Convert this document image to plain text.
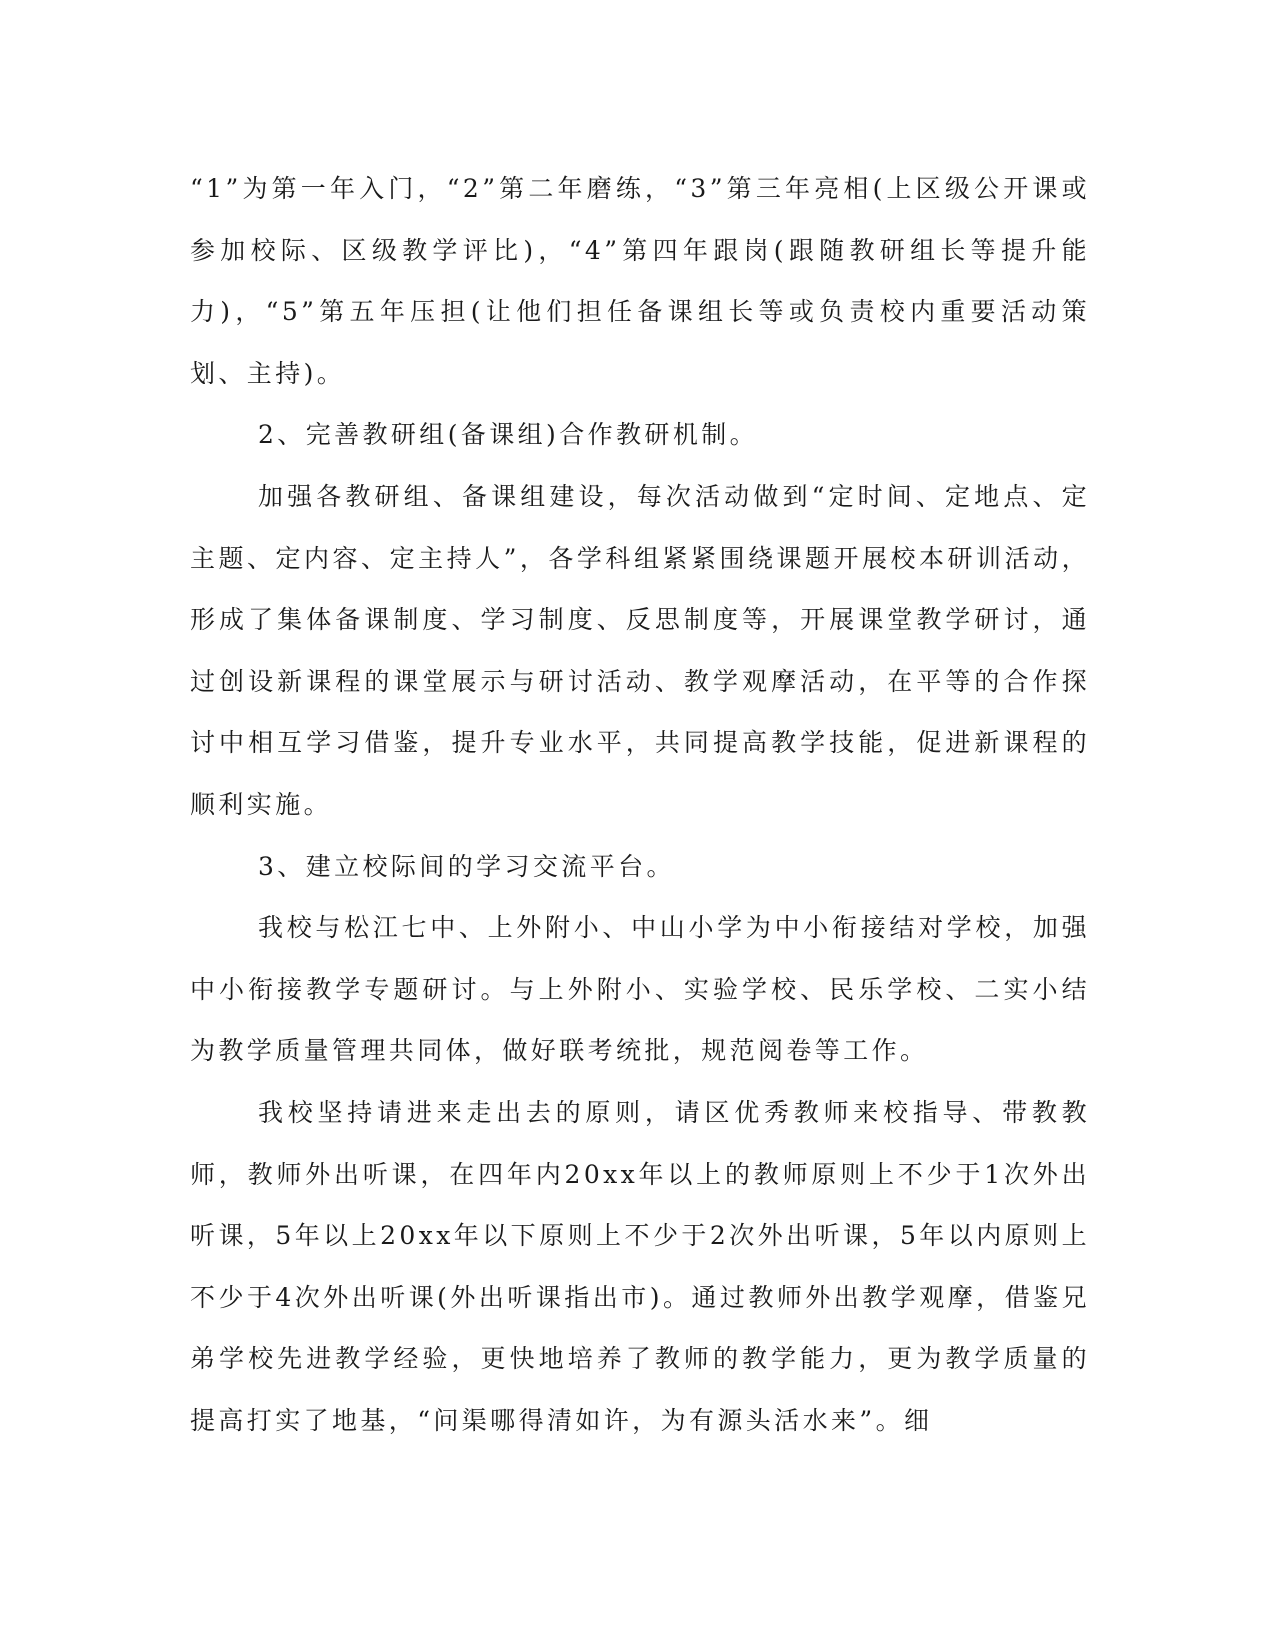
“1”为第一年入门，“2”第二年磨练，“3”第三年亮相(上区级公开课或参加校际、区级教学评比)，“4”第四年跟岗(跟随教研组长等提升能力)，“5”第五年压担(让他们担任备课组长等或负责校内重要活动策划、主持)。

2、完善教研组(备课组)合作教研机制。

加强各教研组、备课组建设，每次活动做到“定时间、定地点、定主题、定内容、定主持人”，各学科组紧紧围绕课题开展校本研训活动，形成了集体备课制度、学习制度、反思制度等，开展课堂教学研讨，通过创设新课程的课堂展示与研讨活动、教学观摩活动，在平等的合作探讨中相互学习借鉴，提升专业水平，共同提高教学技能，促进新课程的顺利实施。

3、建立校际间的学习交流平台。

我校与松江七中、上外附小、中山小学为中小衔接结对学校，加强中小衔接教学专题研讨。与上外附小、实验学校、民乐学校、二实小结为教学质量管理共同体，做好联考统批，规范阅卷等工作。

我校坚持请进来走出去的原则，请区优秀教师来校指导、带教教师，教师外出听课，在四年内20xx年以上的教师原则上不少于1次外出听课，5年以上20xx年以下原则上不少于2次外出听课，5年以内原则上不少于4次外出听课(外出听课指出市)。通过教师外出教学观摩，借鉴兄弟学校先进教学经验，更快地培养了教师的教学能力，更为教学质量的提高打实了地基，“问渠哪得清如许，为有源头活水来”。细
